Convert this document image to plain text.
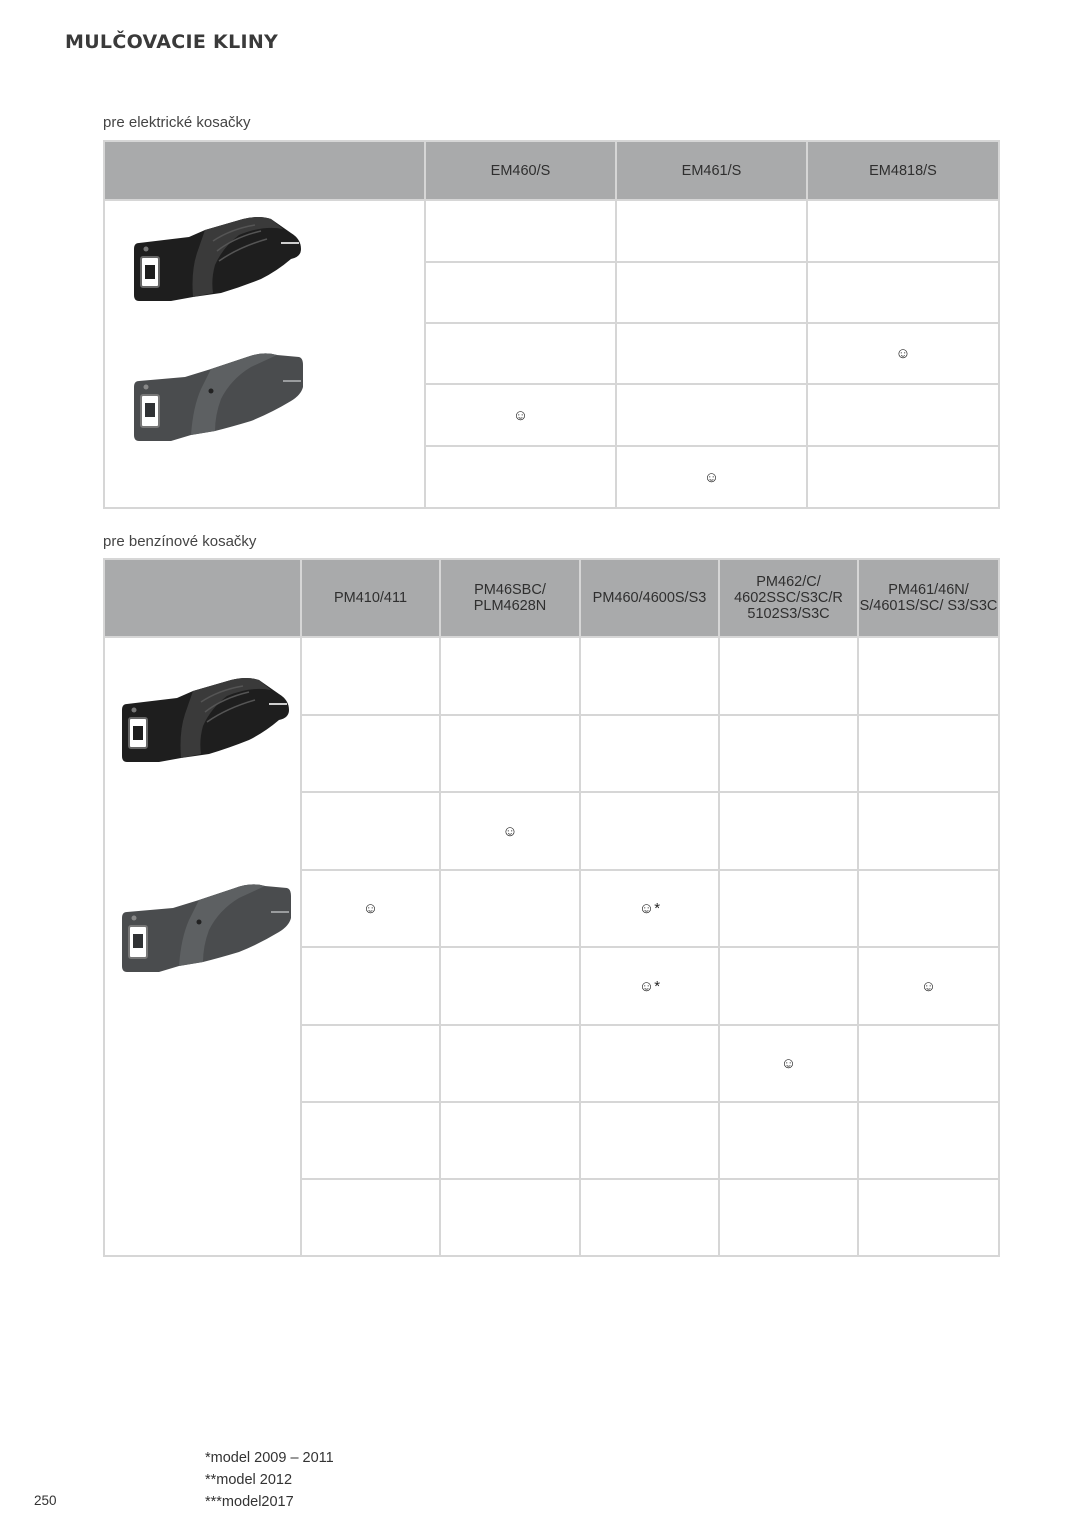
MULČOVACIE KLINY
pre elektrické kosačky
	EM460/S	EM461/S	EM4818/S

			☺
	☺		
		☺	
pre benzínové kosačky
	PM410/411	PM46SBC/ PLM4628N	PM460/4600S/S3	PM462/C/ 4602SSC/S3C/R 5102S3/S3C	PM461/46N/ S/4601S/SC/ S3/S3C

		☺			
	☺		☺*		
			☺*		☺
				☺	

*model 2009 – 2011
**model 2012
***model2017
250
